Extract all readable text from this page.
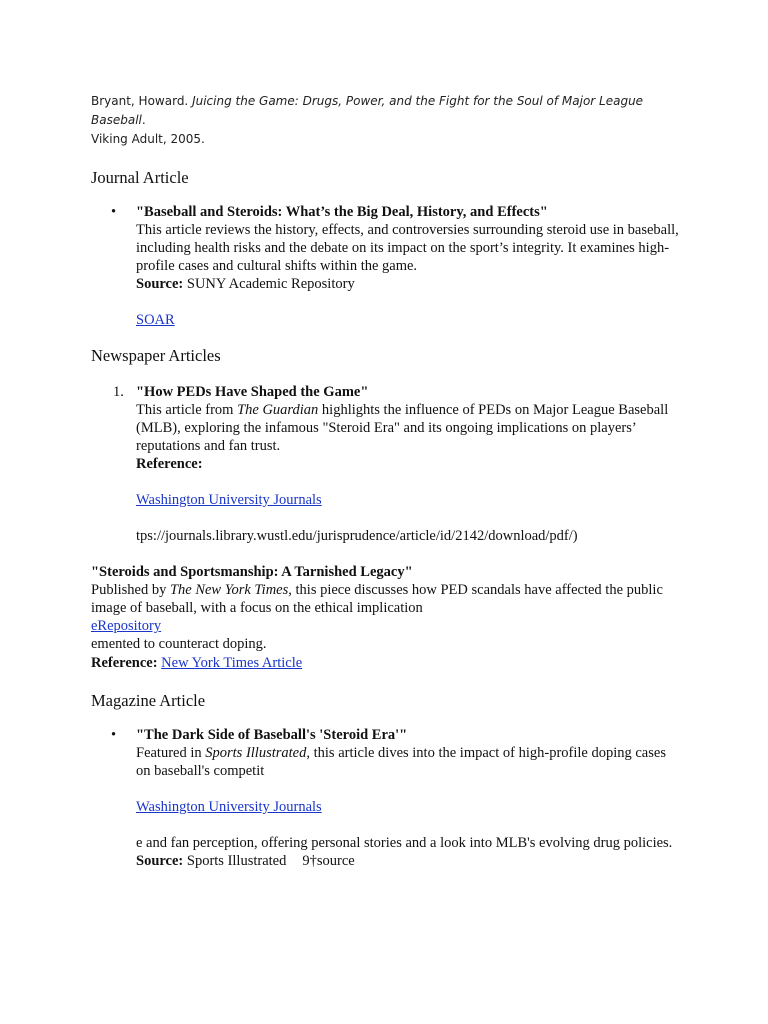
Bryant, Howard. Juicing the Game: Drugs, Power, and the Fight for the Soul of Major League Baseball.
Viking Adult, 2005.

Journal Article
• "Baseball and Steroids: What’s the Big Deal, History, and Effects"

This article reviews the history, effects, and controversies surrounding steroid use in baseball, including health risks and the debate on its impact on the sport’s integrity. It examines high-profile cases and cultural shifts within the game.

Source: SUNY Academic Repository

SOAR

Newspaper Articles
1. "How PEDs Have Shaped the Game"

This article from The Guardian highlights the influence of PEDs on Major League Baseball (MLB), exploring the infamous "Steroid Era" and its ongoing implications on players’ reputations and fan trust.

Reference:

Washington University Journals

tps://journals.library.wustl.edu/jurisprudence/article/id/2142/download/pdf/)

"Steroids and Sportsmanship: A Tarnished Legacy"

Published by The New York Times, this piece discusses how PED scandals have affected the public image of baseball, with a focus on the ethical implication

eRepository

emented to counteract doping.

Reference: New York Times Article

Magazine Article
• "The Dark Side of Baseball's 'Steroid Era'"

Featured in Sports Illustrated, this article dives into the impact of high-profile doping cases on baseball's competit

Washington University Journals

e and fan perception, offering personal stories and a look into MLB's evolving drug policies.

Source: Sports Illustrated 9†source
